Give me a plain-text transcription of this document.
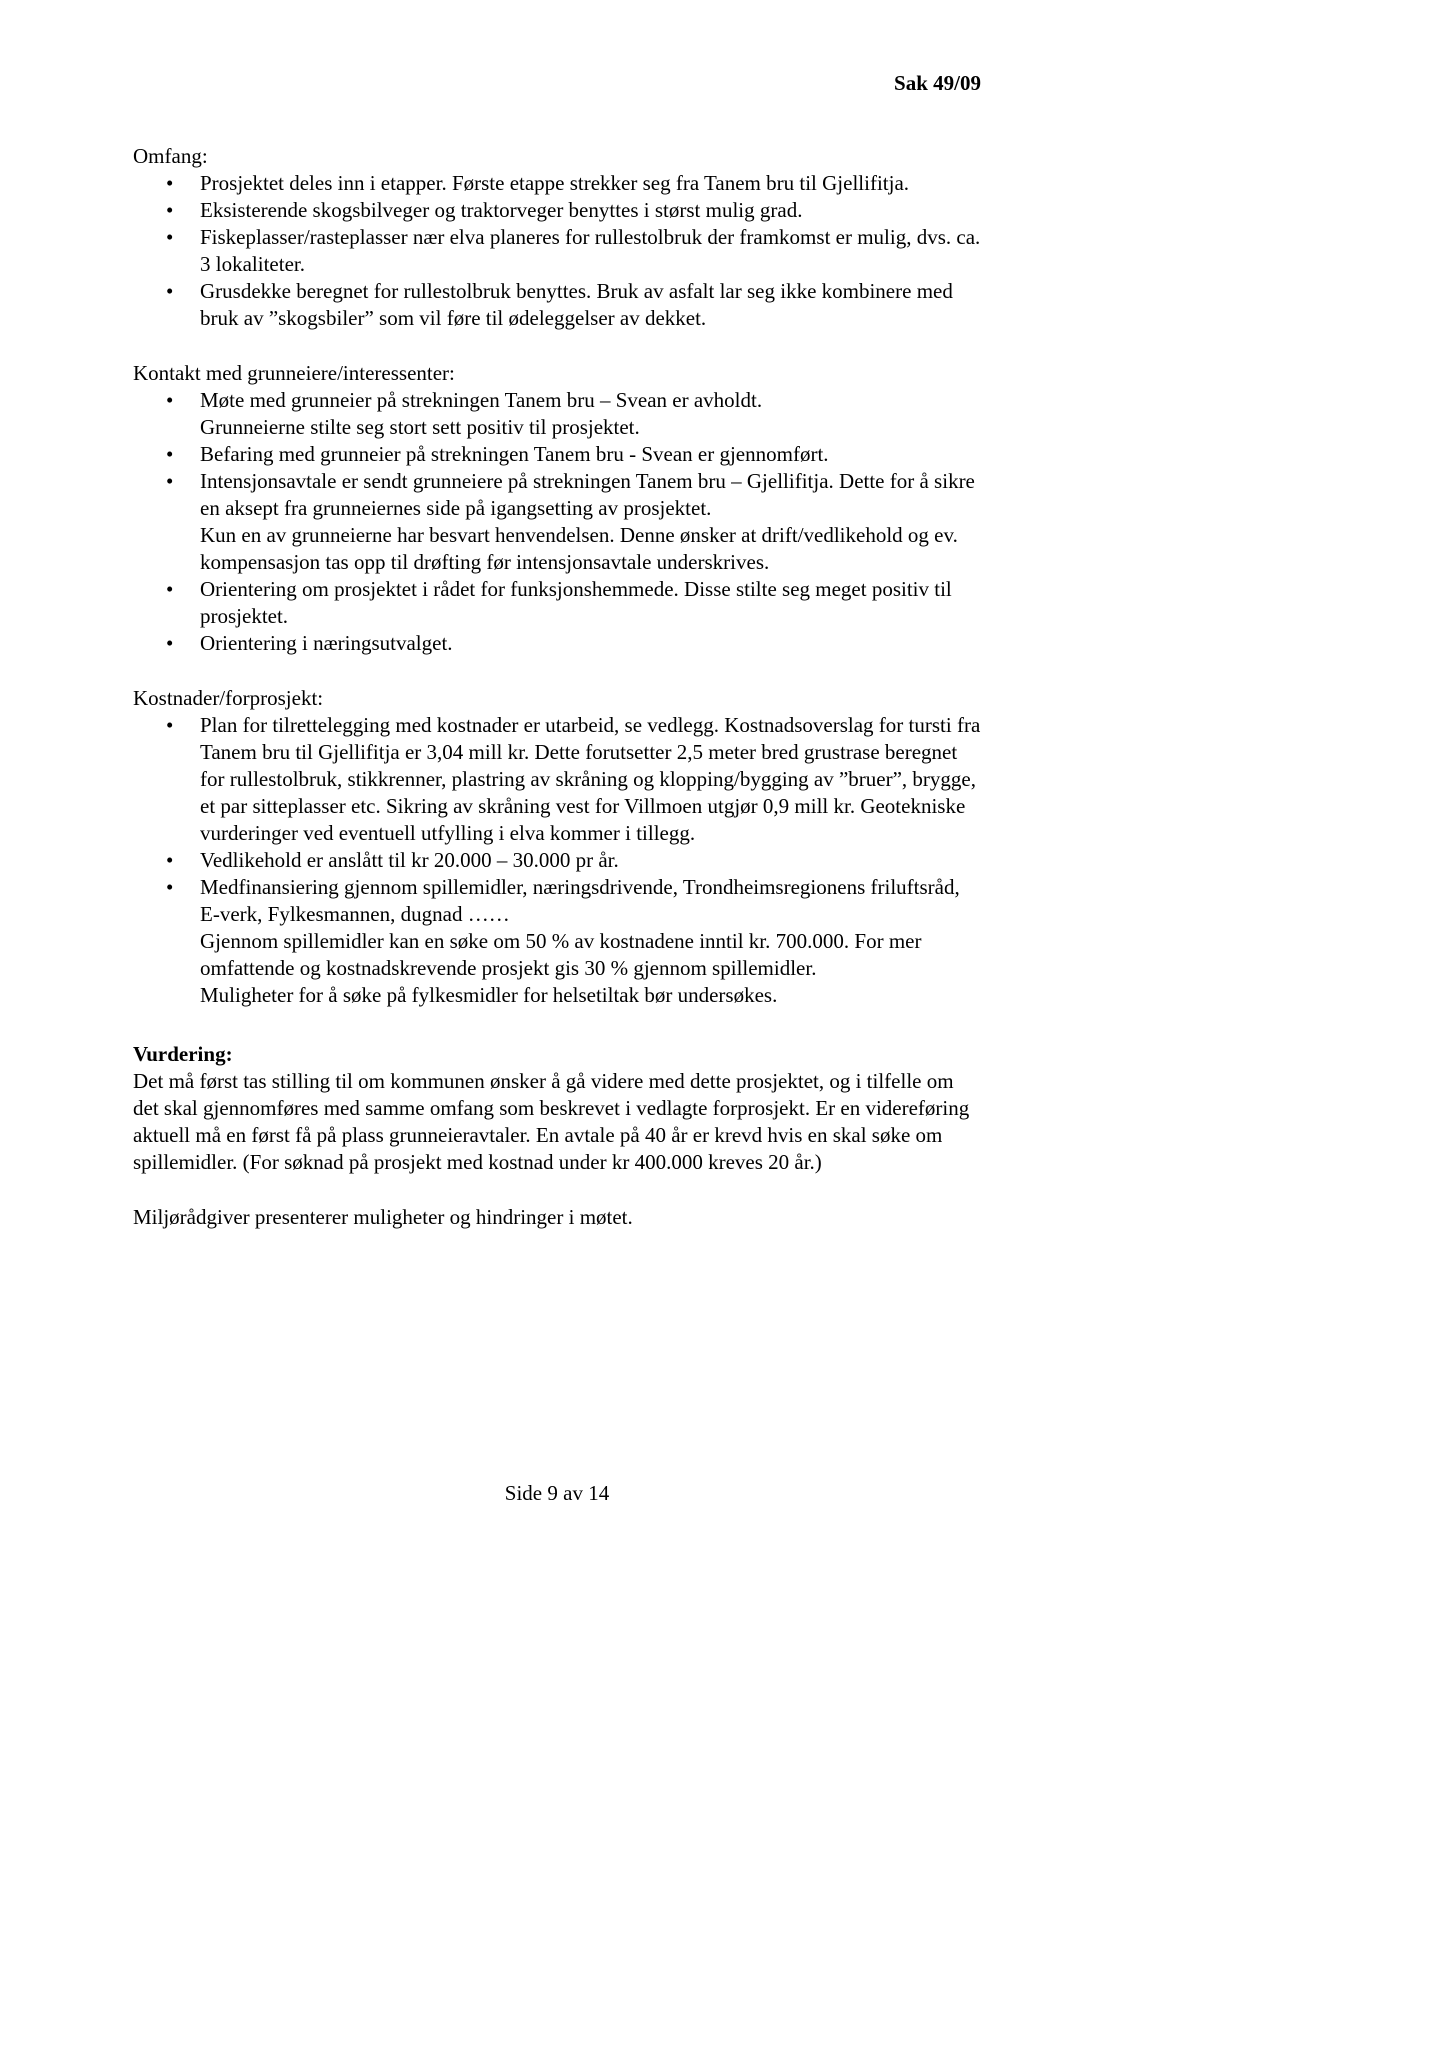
Sak 49/09
Omfang:
•	Prosjektet deles inn i etapper. Første etappe strekker seg fra Tanem bru til Gjellifitja.

•	Eksisterende skogsbilveger og traktorveger benyttes i størst mulig grad.

•	Fiskeplasser/rasteplasser nær elva planeres for rullestolbruk der framkomst er mulig, dvs. ca. 3 lokaliteter.

•	Grusdekke beregnet for rullestolbruk benyttes. Bruk av asfalt lar seg ikke kombinere med bruk av ”skogsbiler” som vil føre til ødeleggelser av dekket.

Kontakt med grunneiere/interessenter:
•	Møte med grunneier på strekningen Tanem bru – Svean er avholdt.

Grunneierne stilte seg stort sett positiv til prosjektet.

•	Befaring med grunneier på strekningen Tanem bru - Svean er gjennomført.

•	Intensjonsavtale er sendt grunneiere på strekningen Tanem bru – Gjellifitja. Dette for å sikre en aksept fra grunneiernes side på igangsetting av prosjektet.

Kun en av grunneierne har besvart henvendelsen. Denne ønsker at drift/vedlikehold og ev. kompensasjon tas opp til drøfting før intensjonsavtale underskrives.

•	Orientering om prosjektet i rådet for funksjonshemmede. Disse stilte seg meget positiv til prosjektet.

•	Orientering i næringsutvalget.

Kostnader/forprosjekt:
•	Plan for tilrettelegging med kostnader er utarbeid, se vedlegg. Kostnadsoverslag for tursti fra Tanem bru til Gjellifitja er 3,04 mill kr. Dette forutsetter 2,5 meter bred grustrase beregnet for rullestolbruk, stikkrenner, plastring av skråning og klopping/bygging av ”bruer”, brygge, et par sitteplasser etc. Sikring av skråning vest for Villmoen utgjør 0,9 mill kr. Geotekniske vurderinger ved eventuell utfylling i elva kommer i tillegg.

•	Vedlikehold er anslått til kr 20.000 – 30.000 pr år.

•	Medfinansiering gjennom spillemidler, næringsdrivende, Trondheimsregionens friluftsråd, E-verk, Fylkesmannen, dugnad ……

Gjennom spillemidler kan en søke om 50 % av kostnadene inntil kr. 700.000. For mer omfattende og kostnadskrevende prosjekt gis 30 % gjennom spillemidler.

Muligheter for å søke på fylkesmidler for helsetiltak bør undersøkes.

Vurdering:

Det må først tas stilling til om kommunen ønsker å gå videre med dette prosjektet, og i tilfelle om det skal gjennomføres med samme omfang som beskrevet i vedlagte forprosjekt. Er en videreføring aktuell må en først få på plass grunneieravtaler. En avtale på 40 år er krevd hvis en skal søke om spillemidler. (For søknad på prosjekt med kostnad under kr 400.000 kreves 20 år.)

Miljørådgiver presenterer muligheter og hindringer i møtet.

Side 9 av 14
